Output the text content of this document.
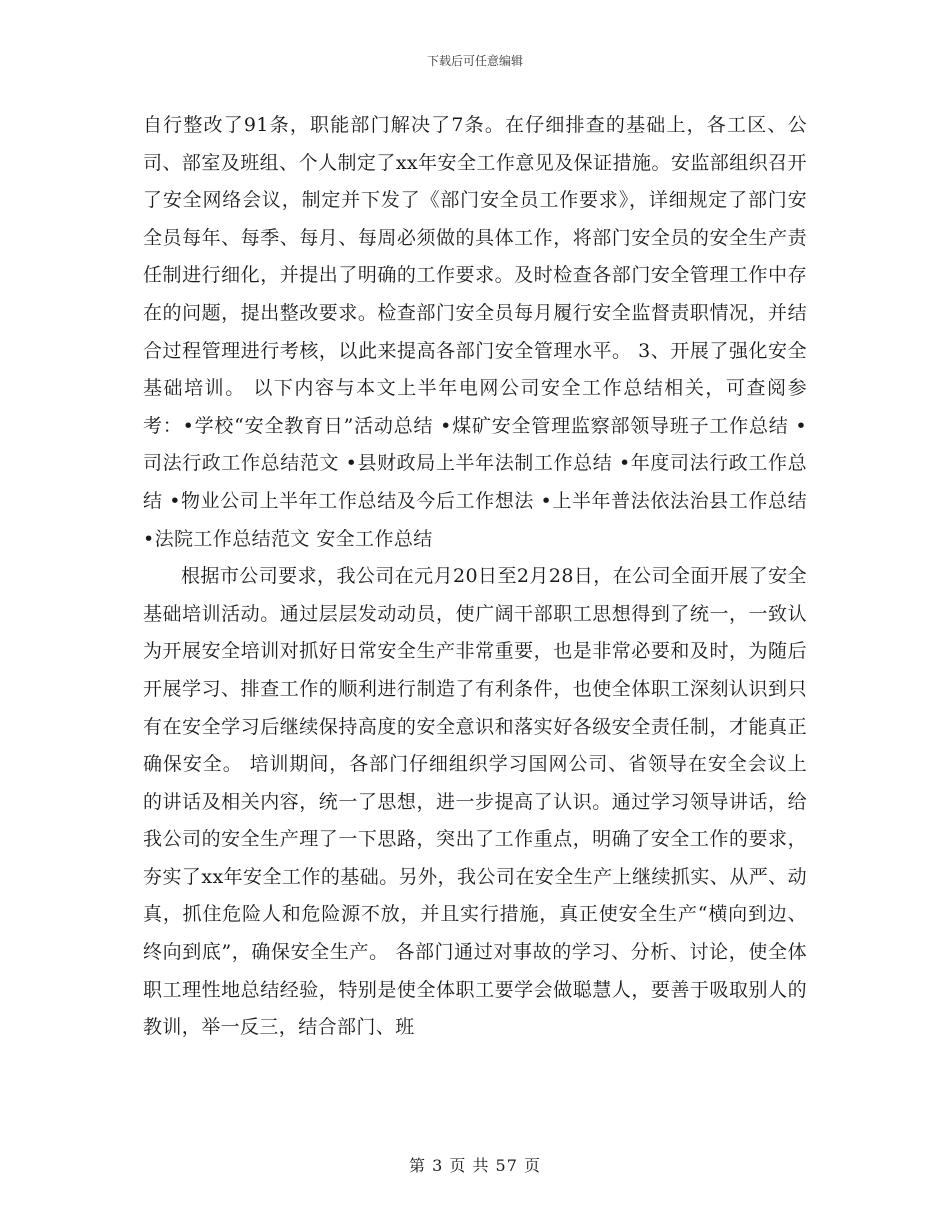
下载后可任意编辑

自行整改了91条，职能部门解决了7条。在仔细排查的基础上，各工区、公司、部室及班组、个人制定了xx年安全工作意见及保证措施。安监部组织召开了安全网络会议，制定并下发了《部门安全员工作要求》，详细规定了部门安全员每年、每季、每月、每周必须做的具体工作，将部门安全员的安全生产责任制进行细化，并提出了明确的工作要求。及时检查各部门安全管理工作中存在的问题，提出整改要求。检查部门安全员每月履行安全监督责职情况，并结合过程管理进行考核，以此来提高各部门安全管理水平。 3、开展了强化安全基础培训。 以下内容与本文上半年电网公司安全工作总结相关，可查阅参考：•学校“安全教育日”活动总结 •煤矿安全管理监察部领导班子工作总结 •司法行政工作总结范文 •县财政局上半年法制工作总结 •年度司法行政工作总结 •物业公司上半年工作总结及今后工作想法 •上半年普法依法治县工作总结 •法院工作总结范文 安全工作总结

根据市公司要求，我公司在元月20日至2月28日，在公司全面开展了安全基础培训活动。通过层层发动动员，使广阔干部职工思想得到了统一，一致认为开展安全培训对抓好日常安全生产非常重要，也是非常必要和及时，为随后开展学习、排查工作的顺利进行制造了有利条件，也使全体职工深刻认识到只有在安全学习后继续保持高度的安全意识和落实好各级安全责任制，才能真正确保安全。 培训期间，各部门仔细组织学习国网公司、省领导在安全会议上的讲话及相关内容，统一了思想，进一步提高了认识。通过学习领导讲话，给我公司的安全生产理了一下思路，突出了工作重点，明确了安全工作的要求，夯实了xx年安全工作的基础。另外，我公司在安全生产上继续抓实、从严、动真，抓住危险人和危险源不放，并且实行措施，真正使安全生产“横向到边、终向到底”，确保安全生产。 各部门通过对事故的学习、分析、讨论，使全体职工理性地总结经验，特别是使全体职工要学会做聪慧人，要善于吸取别人的教训，举一反三，结合部门、班

第 3 页 共 57 页
